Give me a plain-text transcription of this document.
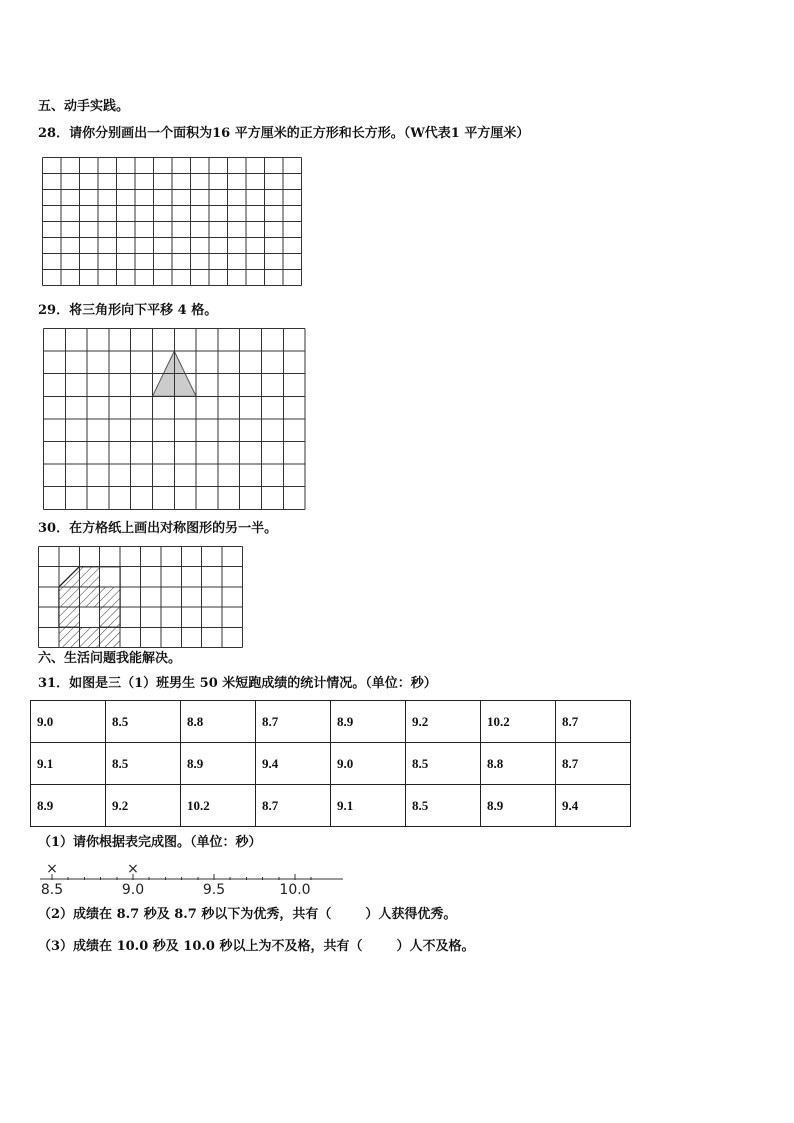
五、动手实践。
28．请你分别画出一个面积为16 平方厘米的正方形和长方形。（W代表1 平方厘米）
29．将三角形向下平移 4 格。
30．在方格纸上画出对称图形的另一半。
六、生活问题我能解决。
31．如图是三（1）班男生 50 米短跑成绩的统计情况。（单位：秒）
9.0	8.5	8.8	8.7	8.9	9.2	10.2	8.7
9.1	8.5	8.9	9.4	9.0	8.5	8.8	8.7
8.9	9.2	10.2	8.7	9.1	8.5	8.9	9.4
（1）请你根据表完成图。（单位：秒）
8.5	9.0	9.5	10.0
×	×
（2）成绩在 8.7 秒及 8.7 秒以下为优秀，共有（	）人获得优秀。
（3）成绩在 10.0 秒及 10.0 秒以上为不及格，共有（	）人不及格。
